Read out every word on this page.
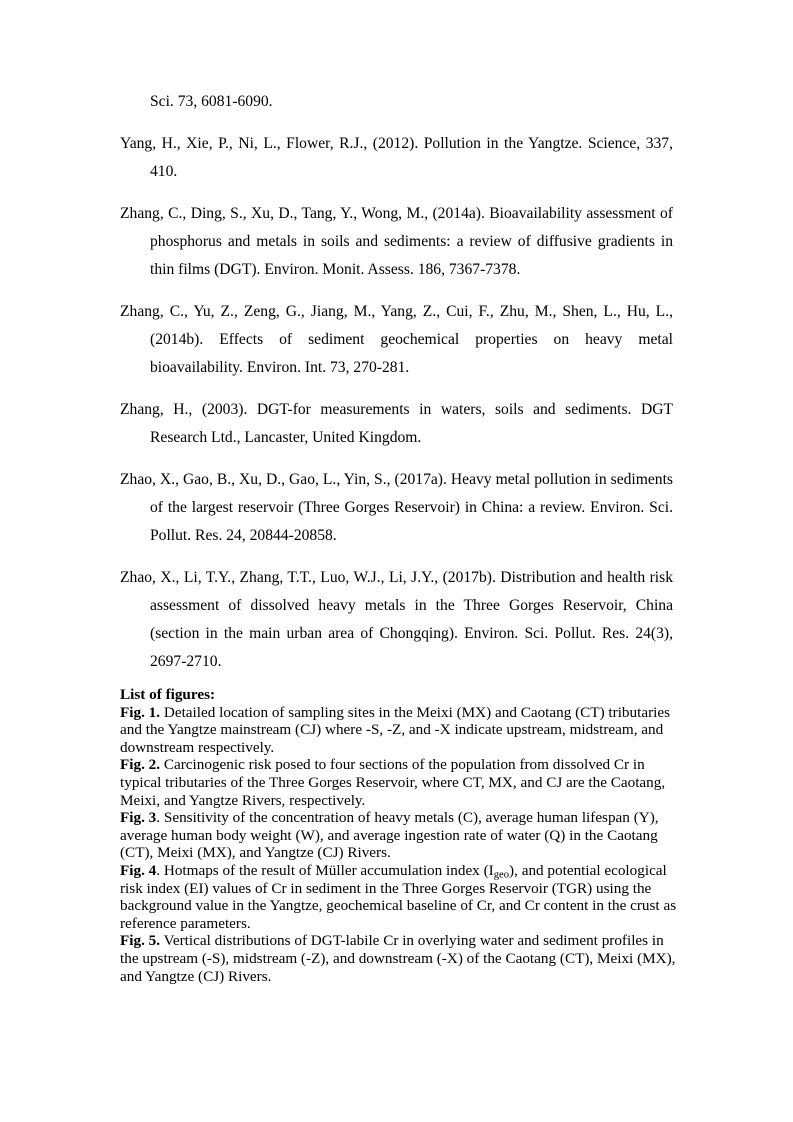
Sci. 73, 6081-6090.

Yang, H., Xie, P., Ni, L., Flower, R.J., (2012). Pollution in the Yangtze. Science, 337, 410.

Zhang, C., Ding, S., Xu, D., Tang, Y., Wong, M., (2014a). Bioavailability assessment of phosphorus and metals in soils and sediments: a review of diffusive gradients in thin films (DGT). Environ. Monit. Assess. 186, 7367-7378.

Zhang, C., Yu, Z., Zeng, G., Jiang, M., Yang, Z., Cui, F., Zhu, M., Shen, L., Hu, L., (2014b). Effects of sediment geochemical properties on heavy metal bioavailability. Environ. Int. 73, 270-281.

Zhang, H., (2003). DGT-for measurements in waters, soils and sediments. DGT Research Ltd., Lancaster, United Kingdom.

Zhao, X., Gao, B., Xu, D., Gao, L., Yin, S., (2017a). Heavy metal pollution in sediments of the largest reservoir (Three Gorges Reservoir) in China: a review. Environ. Sci. Pollut. Res. 24, 20844-20858.

Zhao, X., Li, T.Y., Zhang, T.T., Luo, W.J., Li, J.Y., (2017b). Distribution and health risk assessment of dissolved heavy metals in the Three Gorges Reservoir, China (section in the main urban area of Chongqing). Environ. Sci. Pollut. Res. 24(3), 2697-2710.

List of figures:

Fig. 1. Detailed location of sampling sites in the Meixi (MX) and Caotang (CT) tributaries and the Yangtze mainstream (CJ) where -S, -Z, and -X indicate upstream, midstream, and downstream respectively.

Fig. 2. Carcinogenic risk posed to four sections of the population from dissolved Cr in typical tributaries of the Three Gorges Reservoir, where CT, MX, and CJ are the Caotang, Meixi, and Yangtze Rivers, respectively.

Fig. 3. Sensitivity of the concentration of heavy metals (C), average human lifespan (Y), average human body weight (W), and average ingestion rate of water (Q) in the Caotang (CT), Meixi (MX), and Yangtze (CJ) Rivers.

Fig. 4. Hotmaps of the result of Müller accumulation index $(I_{geo})$, and potential ecological risk index (EI) values of Cr in sediment in the Three Gorges Reservoir (TGR) using the background value in the Yangtze, geochemical baseline of Cr, and Cr content in the crust as reference parameters.

Fig. 5. Vertical distributions of DGT-labile Cr in overlying water and sediment profiles in the upstream (-S), midstream (-Z), and downstream (-X) of the Caotang (CT), Meixi (MX), and Yangtze (CJ) Rivers.
